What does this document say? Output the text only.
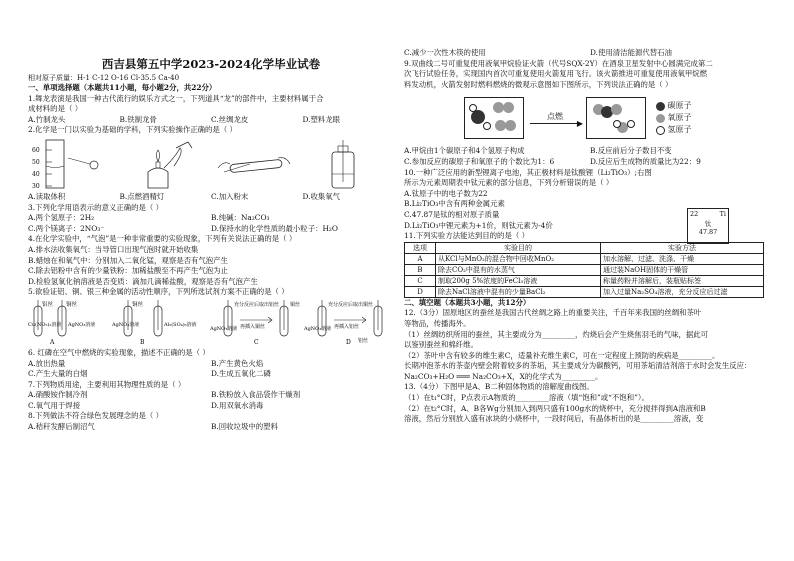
西吉县第五中学2023-2024化学毕业试卷
相对原子质量：H-1 C-12 O-16 Cl-35.5 Ca-40
一、单项选择题（本题共11小题，每小题2分，共22分）
1.舞龙表演是我国一种古代流行的娱乐方式之一，下列道具“龙”的部件中，主要材料属于合
成材料的是（ ）
A.竹制龙头	B.铁制龙骨	C.丝绸龙皮	D.塑料龙眼
2.化学是一门以实验为基础的学科，下列实验操作正确的是（ ）
60
50
40
30
A.读取体积	B.点燃酒精灯	C.加入粉末	D.收集氧气
3.下列化学用语表示的意义正确的是（ ）
A.两个氢原子：2H₂	B.纯碱：Na₂CO₃
C.两个镁离子：2NO₃⁻	D.保持水的化学性质的最小粒子：H₂O
4.在化学实验中，“气泡”是一种非常重要的实验现象，下列有关说法正确的是（ ）
A.排水法收集氧气：当导管口出现气泡时就开始收集
B.蜡烛在和氧气中：分别加入二氧化锰，观察是否有气泡产生
C.除去铝粉中含有的少量铁粉：加稀盐酸至不再产生气泡为止
D.检验氢氧化钠溶液是否变质：滴加几滴稀盐酸，观察是否有气泡产生
5.欲验证铝、铜、银三种金属的活动性顺序，下列所选试剂方案不正确的是（ ）
铝丝 铜丝
Cu(NO₃)₂溶液 AgNO₃溶液
A
铜丝
AgNO₃溶液	Al₂(SO₄)₃溶液
B
充分反应后取出铝丝 铜丝
AgNO₃溶液 再插入铜丝
C
充分反应后取出铜丝
铝丝
AgNO₃溶液 再插入铝丝
D
6. 红磷在空气中燃烧的实验现象，描述不正确的是（ ）
A.放出热量	B.产生黄色火焰
C.产生大量的白烟	D.生成五氧化二磷
7.下列物质用途，主要利用其物理性质的是（ ）
A.硝酸铵作制冷剂	B.铁粉放入食品袋作干燥剂
C.氧气用于焊接	D.用双氧水消毒
8.下列做法不符合绿色发展理念的是（ ）
A.秸秆发酵后制沼气	B.回收垃圾中的塑料
C.减少一次性木筷的使用	D.使用清洁能源代替石油
9.双曲线二号可重复使用液氧甲烷验证火箭（代号SQX-2Y）在酒泉卫星发射中心圆满完成第二
次飞行试验任务，实现国内首次可重复使用火箭复用飞行。该火箭推进可重复使用液氧甲烷燃
料发动机，火箭发射时燃料燃烧的微观示意图如下图所示，下列说法正确的是（ ）
点燃
▶
碳原子
氧原子
氢原子
A.甲烷由1个碳原子和4个氢原子构成	B.反应前后分子数目不变
C.参加反应的碳原子和氧原子的个数比为1：6	D.反应后生成物的质量比为22：9
10.一种广泛应用的新型锂离子电池，其正极材料是钛酸锂（Li₂TiO₃）;右图
所示为元素周期表中钛元素的部分信息，下列分析错误的是（ ）
A.钛原子中的电子数为22
B.Li₂TiO₃中含有两种金属元素
C.47.87是钛的相对原子质量
D.Li₂TiO₃中锂元素为+1价，则钛元素为-4价
22	Ti
钛
47.87
11.下列实验方法能达到目的的是（ ）
选项	实验目的	实验方法
A	从KCl与MnO₂的混合物中回收MnO₂	加水溶解、过滤、洗涤、干燥
B	除去CO₂中混有的水蒸气	通过装NaOH固体的干燥管
C	制取200g 5%浓度的FeCl₃溶液	称量药粉并溶解后，装瓶贴标签
D	除去NaCl溶液中混有的少量BaCl₂	加入过量Na₂SO₄溶液，充分反应后过滤
二、填空题（本题共3小题，共12分）
12.（3分）固原地区的蚕丝是我国古代丝绸之路上的重要关注，千百年来我国的丝绸和茶叶
等物品，传播海外。
（1）丝绸纺织所用的蚕丝，其主要成分为_________，灼烧后会产生烧焦羽毛的气味，据此可
以鉴别蚕丝和棉纤维。
（2）茶叶中含有较多的维生素C，适量补充维生素C，可在一定程度上预防的疾病是_________。
长期冲泡茶水的茶壶内壁会附着较多的茶垢，其主要成分为碳酸钙，可用茶垢清洁剂溶于水时会发生反应：
Na₂CO₃+H₂O ═══ Na₂CO₃+X，X的化学式为_________。
13.（4分）下图甲是A、B二种固体物质的溶解度曲线图。
（1）在t₁°C时，P点表示A物质的_________溶液（填“饱和”或“不饱和”）。
（2）在t₂°C时，A、B各Wg分别加入到两只盛有100g水的烧杯中，充分搅拌得到A溶液和B
溶液，然后分别放入盛有冰块的小烧杯中，一段时间后，有晶体析出的是_________溶液，变
